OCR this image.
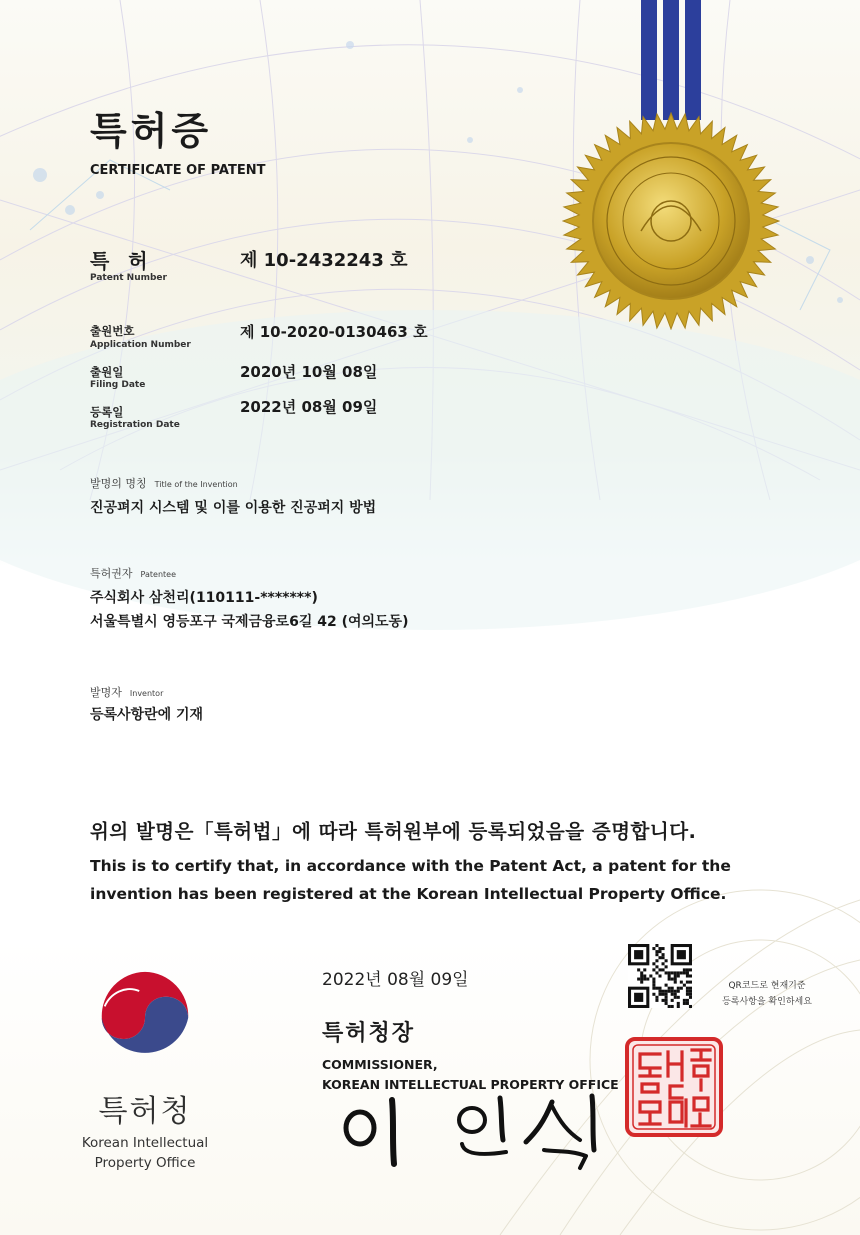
특허증
CERTIFICATE OF PATENT
특 허
Patent Number
제 10-2432243 호
출원번호
Application Number
제 10-2020-0130463 호
출원일
Filing Date
2020년 10월 08일
등록일
Registration Date
2022년 08월 09일
발명의 명칭 Title of the Invention
진공펴지 시스템 및 이를 이용한 진공퍼지 방법
특허권자 Patentee
주식회사 삼천리(110111-*******)
서울특별시 영등포구 국제금융로6길 42 (여의도동)
발명자 Inventor
등록사항란에 기재
위의 발명은「특허법」에 따라 특허원부에 등록되었음을 증명합니다.
This is to certify that, in accordance with the Patent Act, a patent for the invention has been registered at the Korean Intellectual Property Office.
특허청
Korean Intellectual
Property Office
2022년 08월 09일
특허청장
COMMISSIONER,
KOREAN INTELLECTUAL PROPERTY OFFICE
QR코드로 현재기준
등록사항을 확인하세요
